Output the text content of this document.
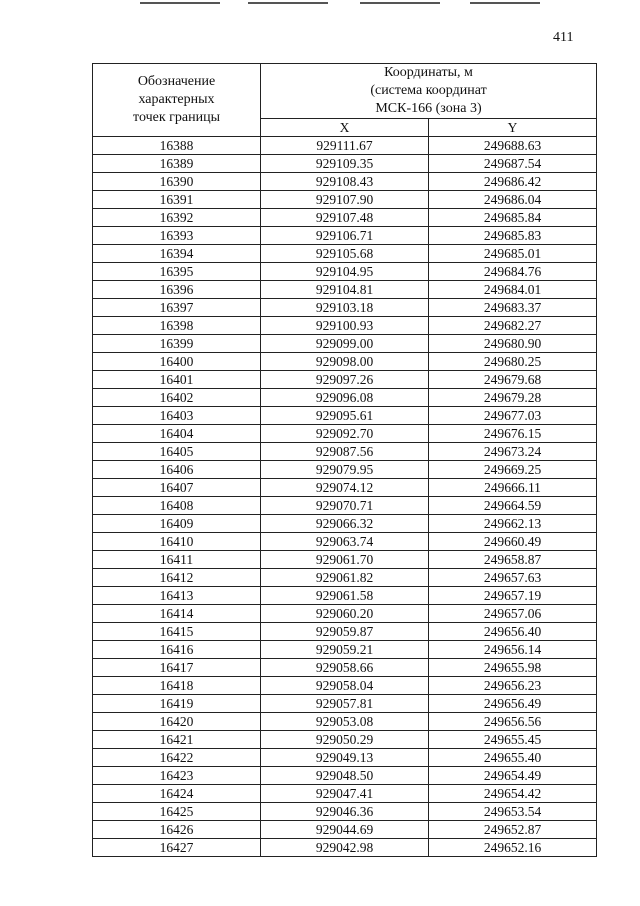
411
Обозначение
характерных
точек границы	Координаты, м
(система координат
МСК-166 (зона 3)	

	X	Y
16388	929111.67	249688.63
16389	929109.35	249687.54
16390	929108.43	249686.42
16391	929107.90	249686.04
16392	929107.48	249685.84
16393	929106.71	249685.83
16394	929105.68	249685.01
16395	929104.95	249684.76
16396	929104.81	249684.01
16397	929103.18	249683.37
16398	929100.93	249682.27
16399	929099.00	249680.90
16400	929098.00	249680.25
16401	929097.26	249679.68
16402	929096.08	249679.28
16403	929095.61	249677.03
16404	929092.70	249676.15
16405	929087.56	249673.24
16406	929079.95	249669.25
16407	929074.12	249666.11
16408	929070.71	249664.59
16409	929066.32	249662.13
16410	929063.74	249660.49
16411	929061.70	249658.87
16412	929061.82	249657.63
16413	929061.58	249657.19
16414	929060.20	249657.06
16415	929059.87	249656.40
16416	929059.21	249656.14
16417	929058.66	249655.98
16418	929058.04	249656.23
16419	929057.81	249656.49
16420	929053.08	249656.56
16421	929050.29	249655.45
16422	929049.13	249655.40
16423	929048.50	249654.49
16424	929047.41	249654.42
16425	929046.36	249653.54
16426	929044.69	249652.87
16427	929042.98	249652.16
